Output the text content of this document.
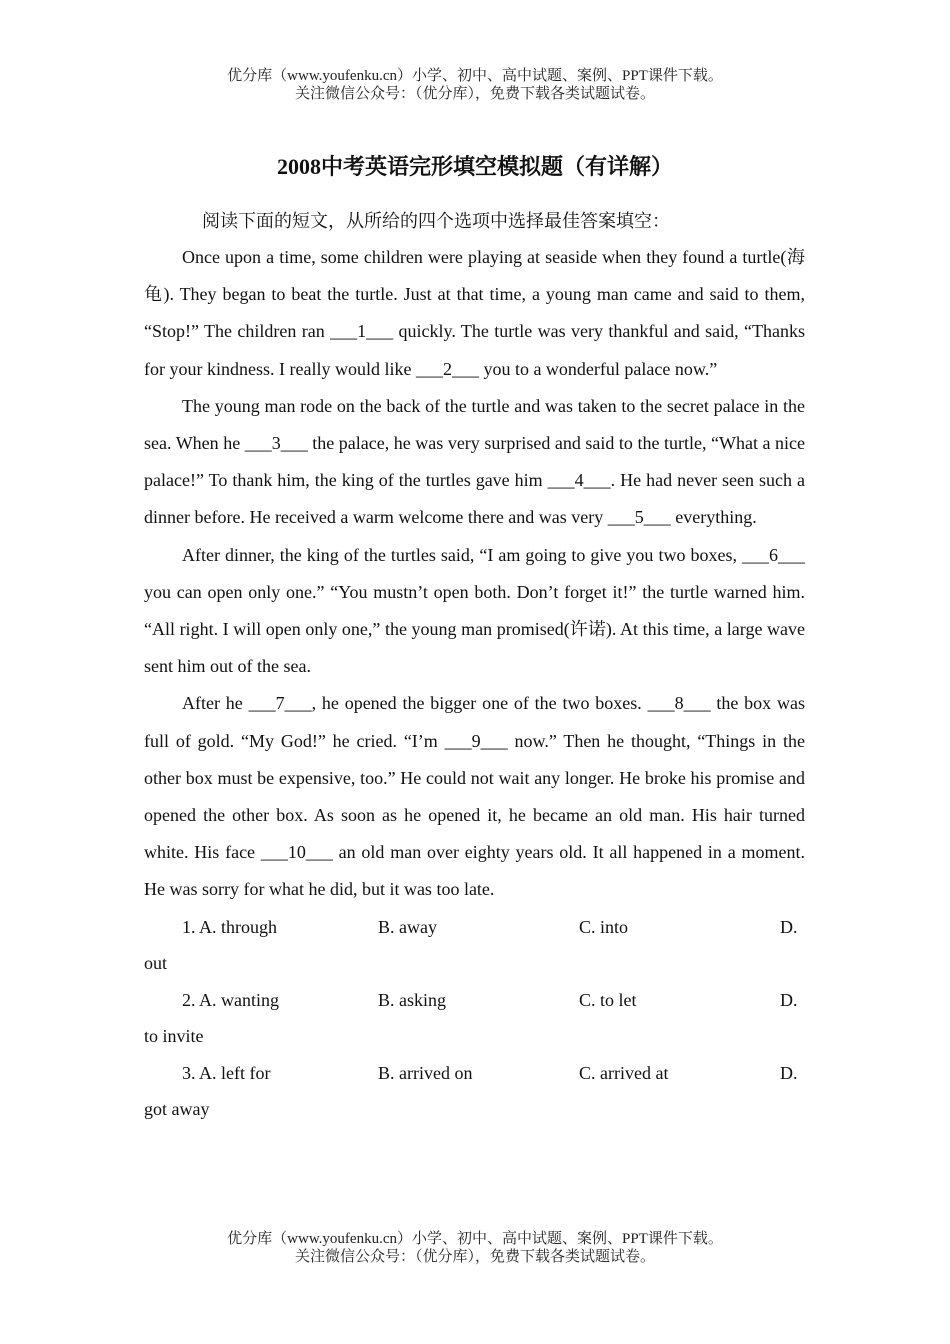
优分库（www.youfenku.cn）小学、初中、高中试题、案例、PPT课件下载。
关注微信公众号：（优分库），免费下载各类试题试卷。
2008中考英语完形填空模拟题（有详解）

阅读下面的短文，从所给的四个选项中选择最佳答案填空：

Once upon a time, some children were playing at seaside when they found a turtle(海龟). They began to beat the turtle. Just at that time, a young man came and said to them, “Stop!” The children ran ___1___ quickly. The turtle was very thankful and said, “Thanks for your kindness. I really would like ___2___ you to a wonderful palace now.”

The young man rode on the back of the turtle and was taken to the secret palace in the sea. When he ___3___ the palace, he was very surprised and said to the turtle, “What a nice palace!” To thank him, the king of the turtles gave him ___4___. He had never seen such a dinner before. He received a warm welcome there and was very ___5___ everything.

After dinner, the king of the turtles said, “I am going to give you two boxes, ___6___ you can open only one.” “You mustn’t open both. Don’t forget it!” the turtle warned him. “All right. I will open only one,” the young man promised(许诺). At this time, a large wave sent him out of the sea.

After he ___7___, he opened the bigger one of the two boxes. ___8___ the box was full of gold. “My God!” he cried. “I’m ___9___ now.” Then he thought, “Things in the other box must be expensive, too.” He could not wait any longer. He broke his promise and opened the other box. As soon as he opened it, he became an old man. His hair turned white. His face ___10___ an old man over eighty years old. It all happened in a moment. He was sorry for what he did, but it was too late.

1. A. through	B. away	C. into	D.
out
2. A. wanting	B. asking	C. to let	D.
to invite
3. A. left for	B. arrived on	C. arrived at	D.
got away
优分库（www.youfenku.cn）小学、初中、高中试题、案例、PPT课件下载。
关注微信公众号：（优分库），免费下载各类试题试卷。
